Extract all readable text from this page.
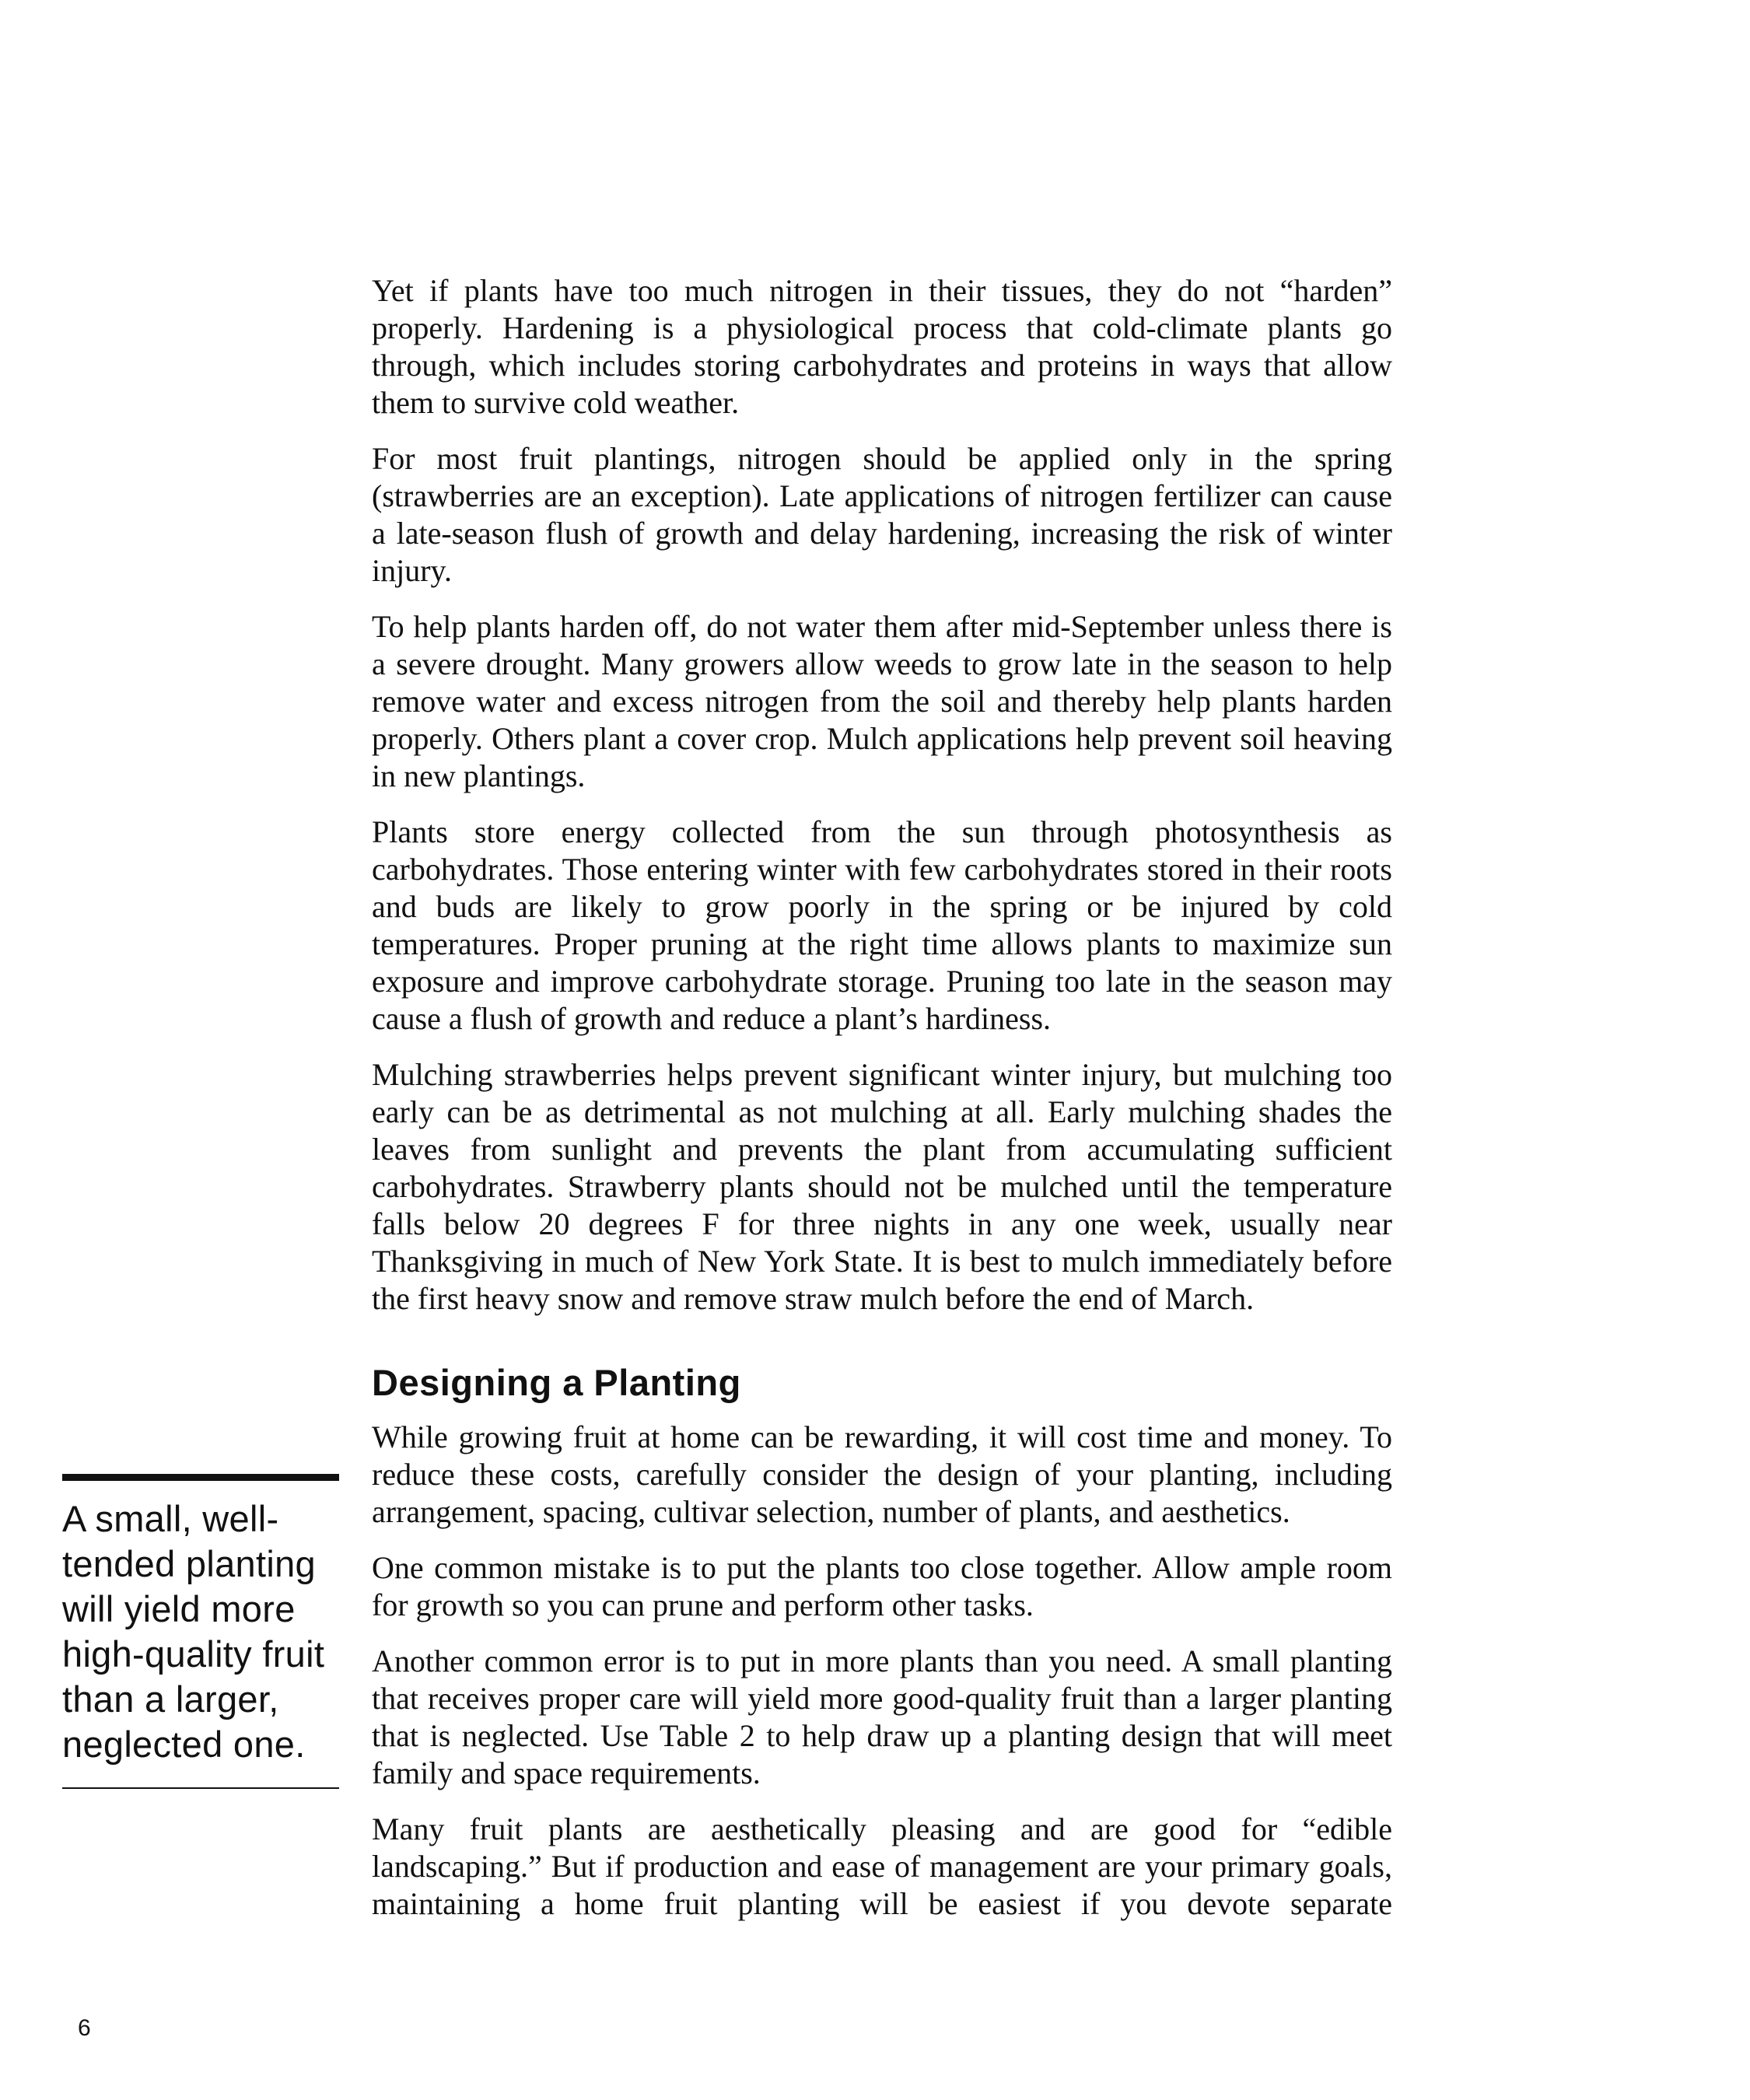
Yet if plants have too much nitrogen in their tissues, they do not “harden” properly. Hardening is a physiological process that cold-climate plants go through, which includes storing carbohydrates and proteins in ways that allow them to survive cold weather.

For most fruit plantings, nitrogen should be applied only in the spring (strawberries are an exception). Late applications of nitrogen fertilizer can cause a late-season flush of growth and delay hardening, increasing the risk of winter injury.

To help plants harden off, do not water them after mid-September unless there is a severe drought. Many growers allow weeds to grow late in the season to help remove water and excess nitrogen from the soil and thereby help plants harden properly. Others plant a cover crop. Mulch applications help prevent soil heaving in new plantings.

Plants store energy collected from the sun through photosynthesis as carbohydrates. Those entering winter with few carbohydrates stored in their roots and buds are likely to grow poorly in the spring or be injured by cold temperatures. Proper pruning at the right time allows plants to maximize sun exposure and improve carbohydrate storage. Pruning too late in the season may cause a flush of growth and reduce a plant’s hardiness.

Mulching strawberries helps prevent significant winter injury, but mulching too early can be as detrimental as not mulching at all. Early mulching shades the leaves from sunlight and prevents the plant from accumulating sufficient carbohydrates. Strawberry plants should not be mulched until the temperature falls below 20 degrees F for three nights in any one week, usually near Thanksgiving in much of New York State. It is best to mulch immediately before the first heavy snow and remove straw mulch before the end of March.

Designing a Planting

While growing fruit at home can be rewarding, it will cost time and money. To reduce these costs, carefully consider the design of your planting, including arrangement, spacing, cultivar selection, number of plants, and aesthetics.

One common mistake is to put the plants too close together. Allow ample room for growth so you can prune and perform other tasks.

Another common error is to put in more plants than you need. A small planting that receives proper care will yield more good-quality fruit than a larger planting that is neglected. Use Table 2 to help draw up a planting design that will meet family and space requirements.

Many fruit plants are aesthetically pleasing and are good for “edible landscaping.” But if production and ease of management are your primary goals, maintaining a home fruit planting will be easiest if you devote separate

A small, well-tended planting will yield more high-quality fruit than a larger, neglected one.
6
